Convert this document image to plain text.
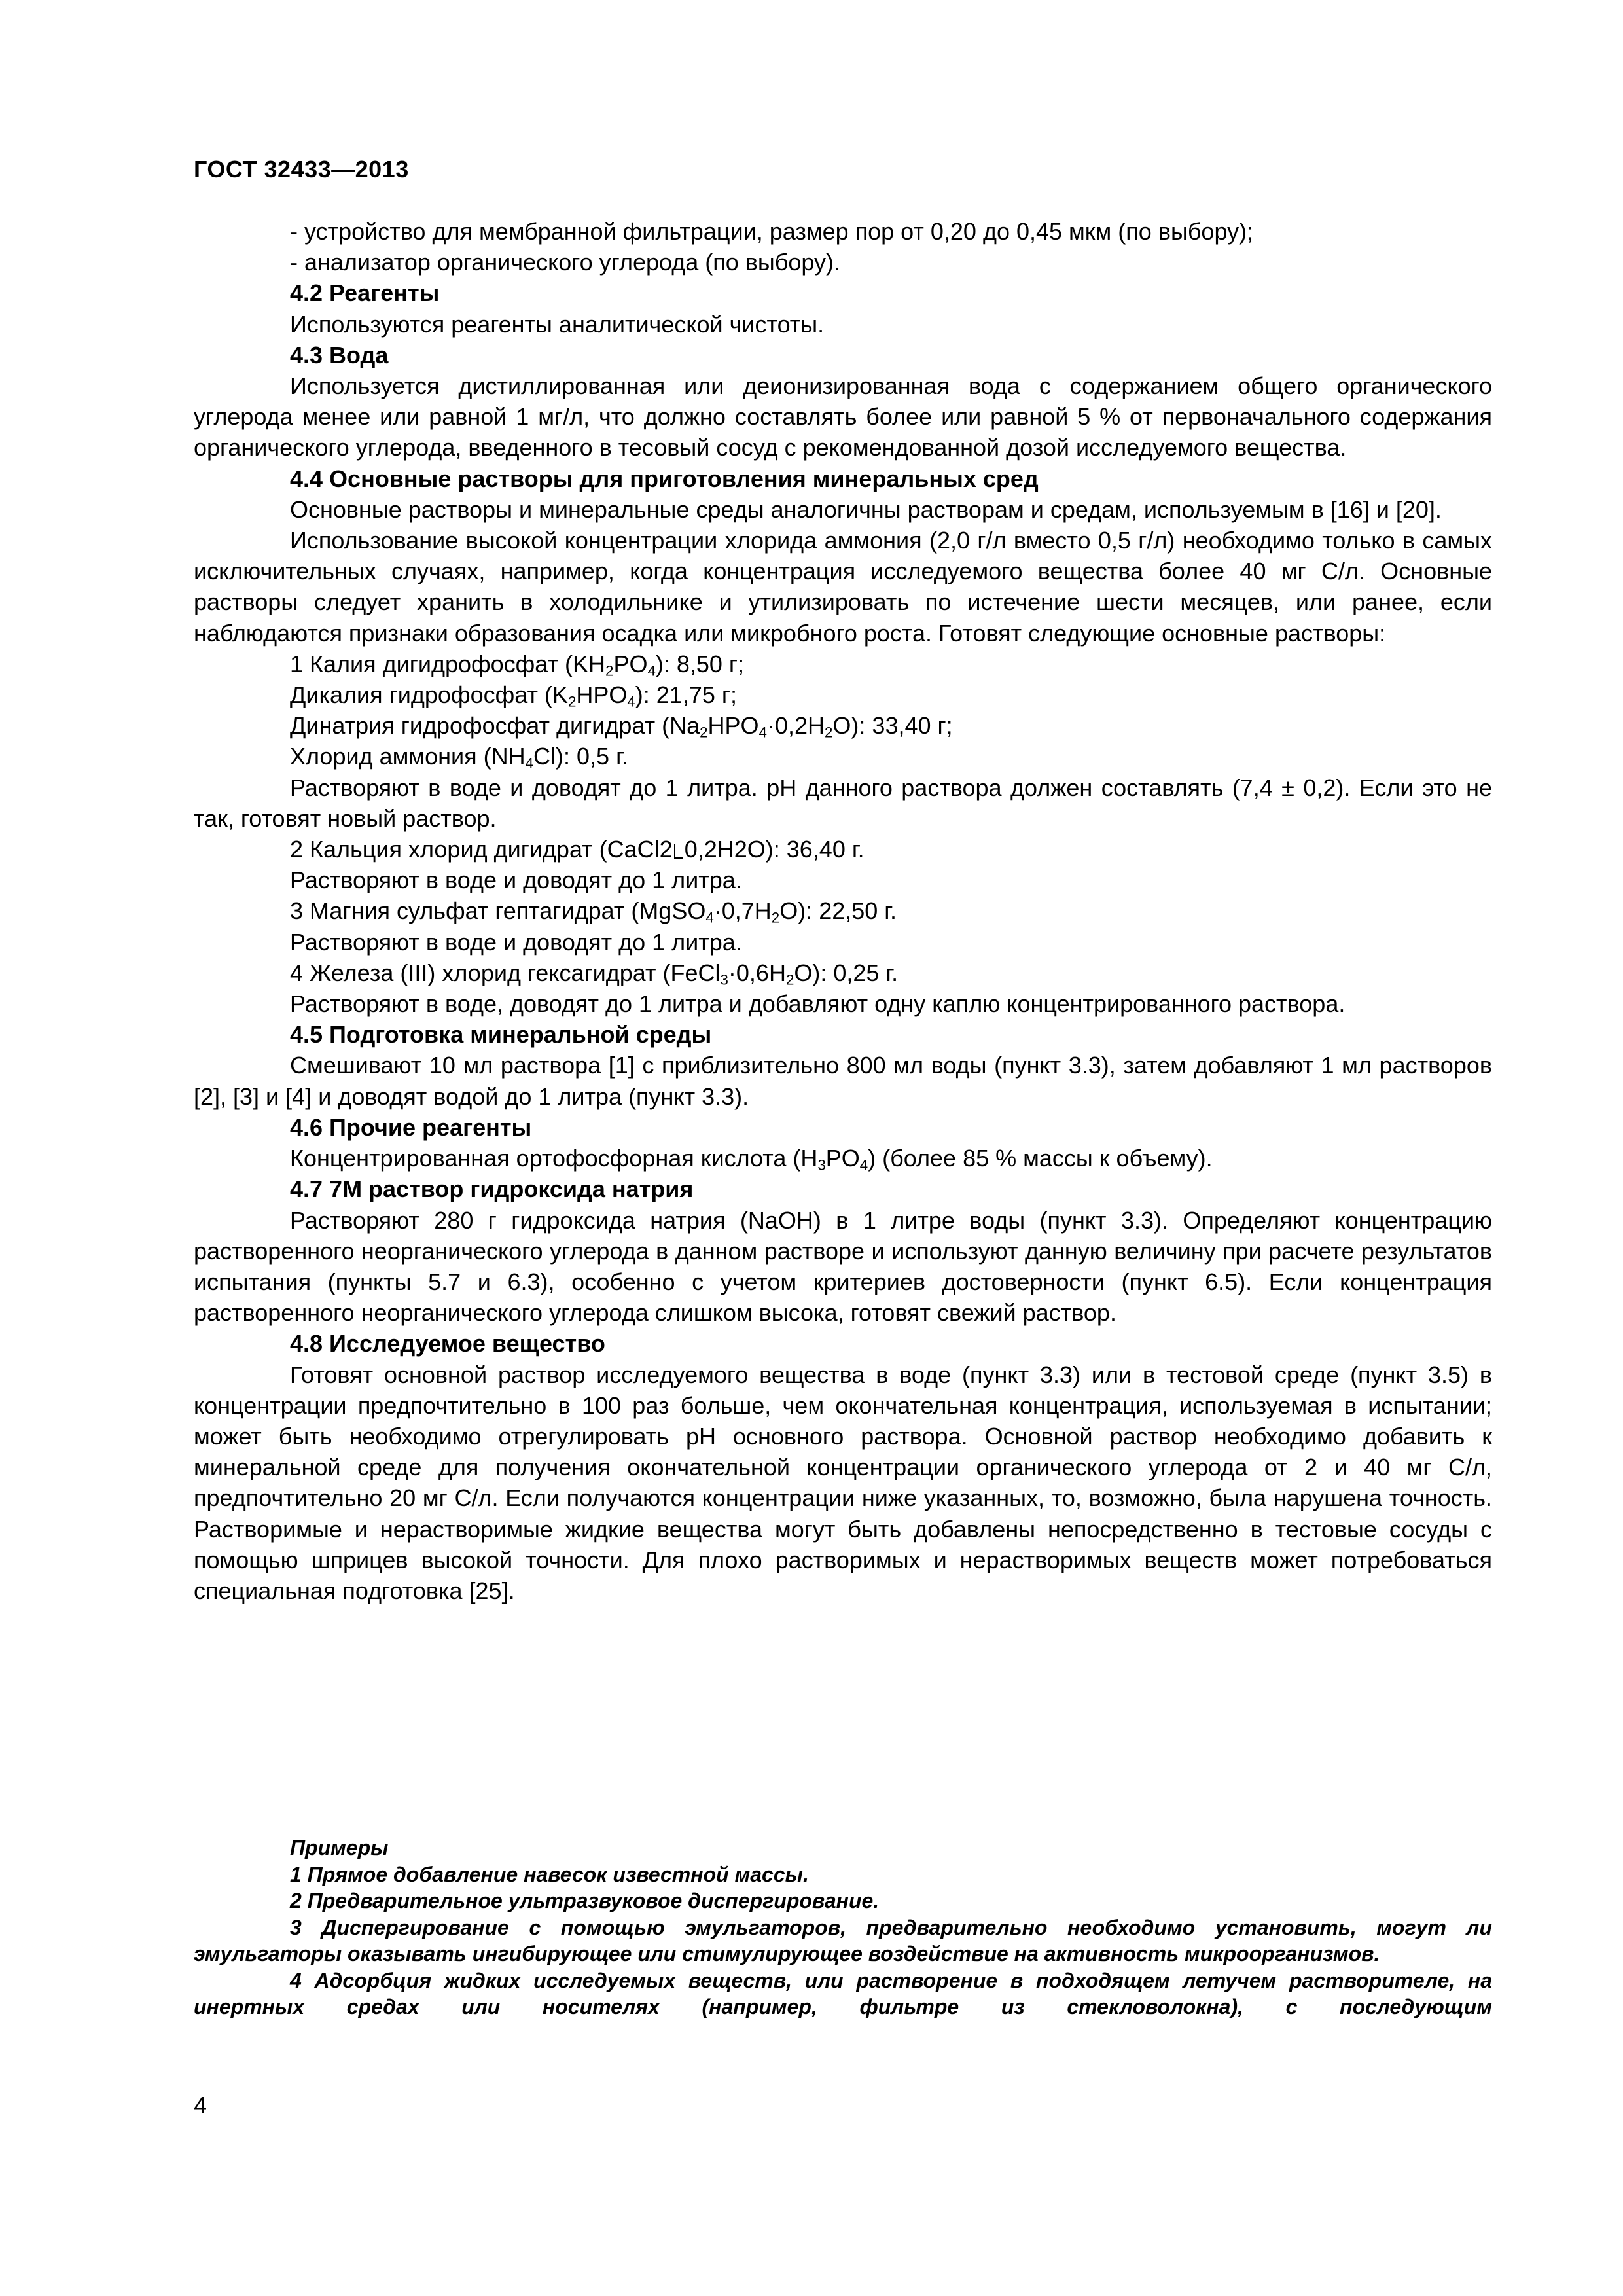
ГОСТ 32433—2013

- устройство для мембранной фильтрации, размер пор от 0,20 до 0,45 мкм (по выбору);

- анализатор органического углерода (по выбору).

4.2 Реагенты

Используются реагенты аналитической чистоты.

4.3 Вода

Используется дистиллированная или деионизированная вода с содержанием общего органического углерода менее или равной 1 мг/л, что должно составлять более или равной 5 % от первоначального содержания органического углерода, введенного в тесовый сосуд с рекомендованной дозой исследуемого вещества.

4.4 Основные растворы для приготовления минеральных сред

Основные растворы и минеральные среды аналогичны растворам и средам, используемым в [16] и [20].

Использование высокой концентрации хлорида аммония (2,0 г/л вместо 0,5 г/л) необходимо только в самых исключительных случаях, например, когда концентрация исследуемого вещества более 40 мг С/л. Основные растворы следует хранить в холодильнике и утилизировать по истечение шести месяцев, или ранее, если наблюдаются признаки образования осадка или микробного роста. Готовят следующие основные растворы:

1 Калия дигидрофосфат $(KH_2PO_4)$: 8,50 г;

Дикалия гидрофосфат $(K_2HPO_4)$: 21,75 г;

Динатрия гидрофосфат дигидрат $(Na_2HPO_4\cdot 0,2H_2O)$: 33,40 г;

Хлорид аммония $(NH_4Cl)$: 0,5 г.

Растворяют в воде и доводят до 1 литра. pH данного раствора должен составлять (7,4 ± 0,2). Если это не так, готовят новый раствор.

2 Кальция хлорид дигидрат (CaCl2 0,2H2O): 36,40 г.

Растворяют в воде и доводят до 1 литра.

3 Магния сульфат гептагидрат $(MgSO_4\cdot 0,7H_2O)$: 22,50 г.

Растворяют в воде и доводят до 1 литра.

4 Железа (III) хлорид гексагидрат $(FeCl_3\cdot 0,6H_2O)$: 0,25 г.

Растворяют в воде, доводят до 1 литра и добавляют одну каплю концентрированного раствора.

4.5 Подготовка минеральной среды

Смешивают 10 мл раствора [1] с приблизительно 800 мл воды (пункт 3.3), затем добавляют 1 мл растворов [2], [3] и [4] и доводят водой до 1 литра (пункт 3.3).

4.6 Прочие реагенты

Концентрированная ортофосфорная кислота $(H_3PO_4)$ (более 85 % массы к объему).

4.7 7М раствор гидроксида натрия

Растворяют 280 г гидроксида натрия (NaOH) в 1 литре воды (пункт 3.3). Определяют концентрацию растворенного неорганического углерода в данном растворе и используют данную величину при расчете результатов испытания (пункты 5.7 и 6.3), особенно с учетом критериев достоверности (пункт 6.5). Если концентрация растворенного неорганического углерода слишком высока, готовят свежий раствор.

4.8 Исследуемое вещество

Готовят основной раствор исследуемого вещества в воде (пункт 3.3) или в тестовой среде (пункт 3.5) в концентрации предпочтительно в 100 раз больше, чем окончательная концентрация, используемая в испытании; может быть необходимо отрегулировать pH основного раствора. Основной раствор необходимо добавить к минеральной среде для получения окончательной концентрации органического углерода от 2 и 40 мг С/л, предпочтительно 20 мг С/л. Если получаются концентрации ниже указанных, то, возможно, была нарушена точность. Растворимые и нерастворимые жидкие вещества могут быть добавлены непосредственно в тестовые сосуды с помощью шприцев высокой точности. Для плохо растворимых и нерастворимых веществ может потребоваться специальная подготовка [25].

Примеры

1 Прямое добавление навесок известной массы.

2 Предварительное ультразвуковое диспергирование.

3 Диспергирование с помощью эмульгаторов, предварительно необходимо установить, могут ли эмульгаторы оказывать ингибирующее или стимулирующее воздействие на активность микроорганизмов.

4 Адсорбция жидких исследуемых веществ, или растворение в подходящем летучем растворителе, на инертных средах или носителях (например, фильтре из стекловолокна), с последующим

4
